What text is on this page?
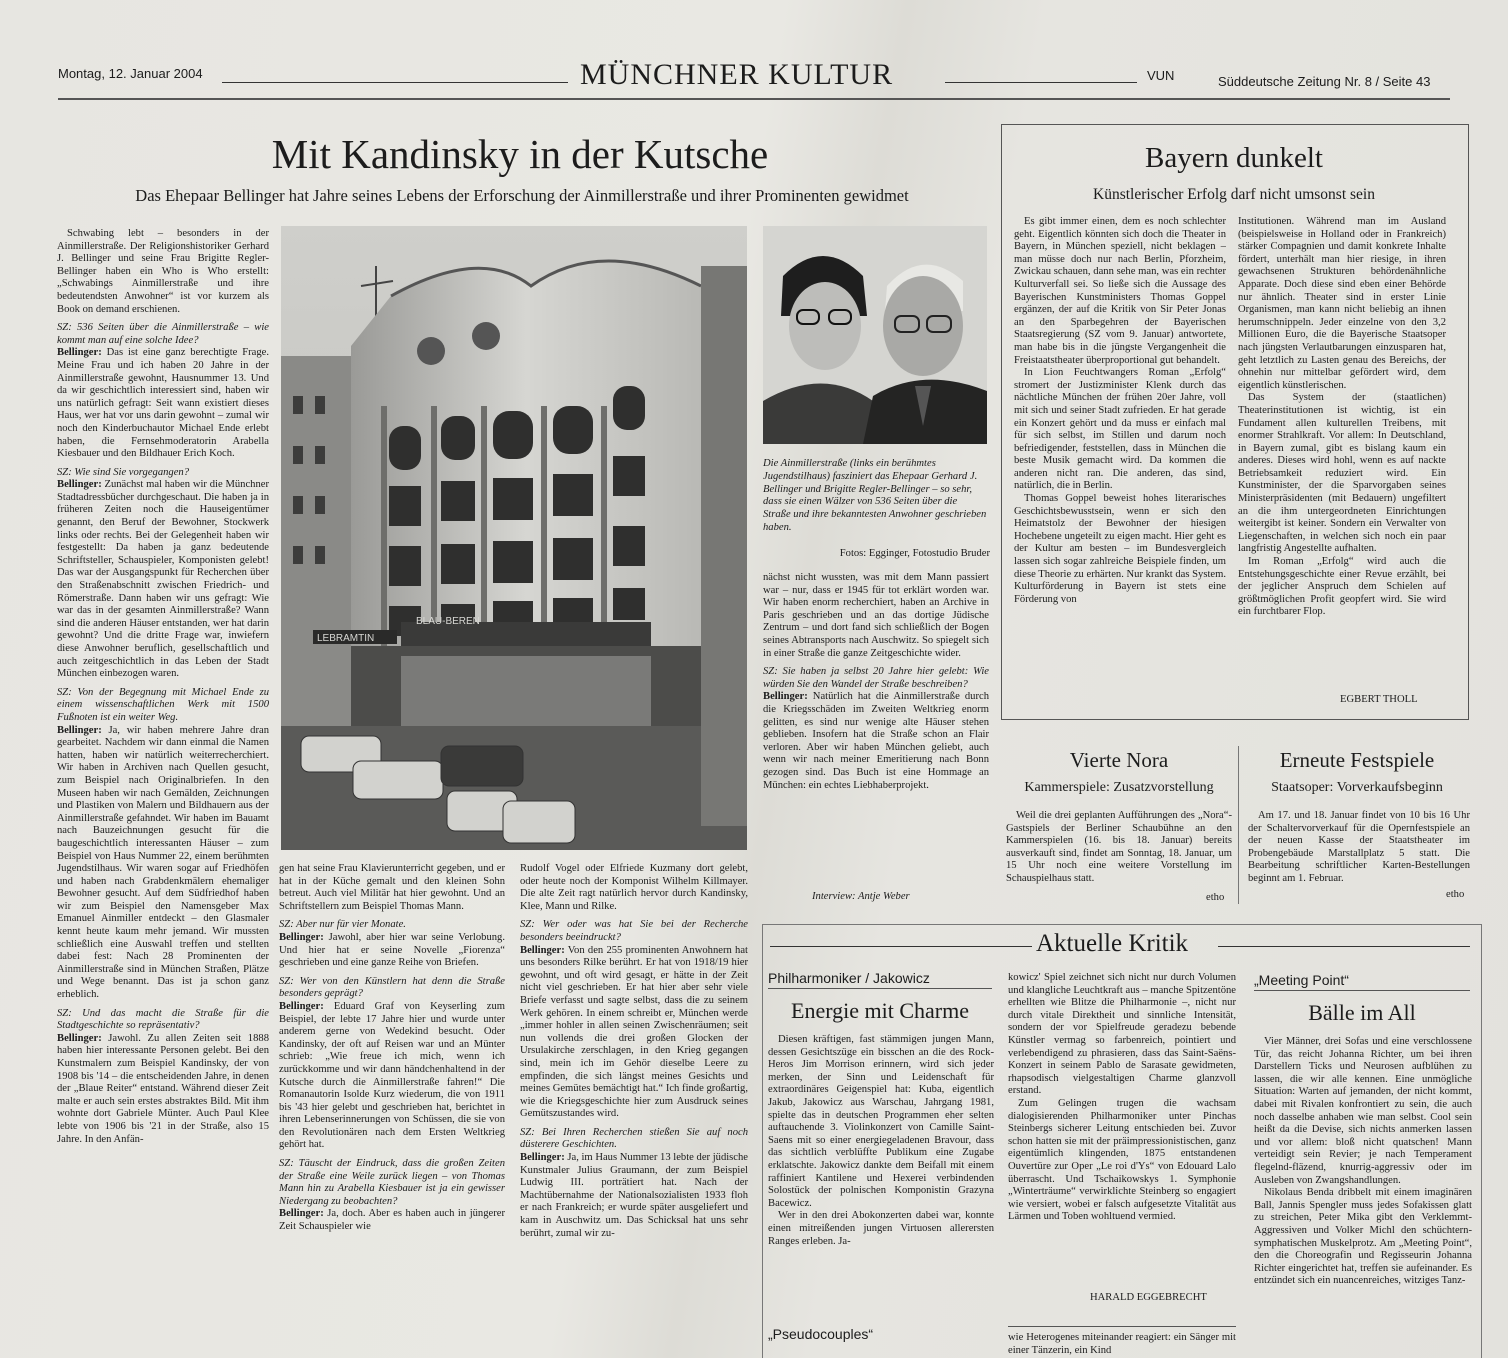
Montag, 12. Januar 2004	MÜNCHNER KULTUR	VUN	Süddeutsche Zeitung Nr. 8 / Seite 43
Mit Kandinsky in der Kutsche
Das Ehepaar Bellinger hat Jahre seines Lebens der Erforschung der Ainmillerstraße und ihrer Prominenten gewidmet

Schwabing lebt – besonders in der Ainmillerstraße. Der Religionshistoriker Gerhard J. Bellinger und seine Frau Brigitte Regler-Bellinger haben ein Who is Who erstellt: „Schwabings Ainmillerstraße und ihre bedeutendsten Anwohner“ ist vor kurzem als Book on demand erschienen.

SZ: 536 Seiten über die Ainmillerstraße – wie kommt man auf eine solche Idee?

Bellinger: Das ist eine ganz berechtigte Frage. Meine Frau und ich haben 20 Jahre in der Ainmillerstraße gewohnt, Hausnummer 13. Und da wir geschichtlich interessiert sind, haben wir uns natürlich gefragt: Seit wann existiert dieses Haus, wer hat vor uns darin gewohnt – zumal wir noch den Kinderbuchautor Michael Ende erlebt haben, die Fernsehmoderatorin Arabella Kiesbauer und den Bildhauer Erich Koch.

SZ: Wie sind Sie vorgegangen?

Bellinger: Zunächst mal haben wir die Münchner Stadtadressbücher durchgeschaut. Die haben ja in früheren Zeiten noch die Hauseigentümer genannt, den Beruf der Bewohner, Stockwerk links oder rechts. Bei der Gelegenheit haben wir festgestellt: Da haben ja ganz bedeutende Schriftsteller, Schauspieler, Komponisten gelebt! Das war der Ausgangspunkt für Recherchen über den Straßenabschnitt zwischen Friedrich- und Römerstraße. Dann haben wir uns gefragt: Wie war das in der gesamten Ainmillerstraße? Wann sind die anderen Häuser entstanden, wer hat darin gewohnt? Und die dritte Frage war, inwiefern diese Anwohner beruflich, gesellschaftlich und auch zeitgeschichtlich in das Leben der Stadt München einbezogen waren.

SZ: Von der Begegnung mit Michael Ende zu einem wissenschaftlichen Werk mit 1500 Fußnoten ist ein weiter Weg.

Bellinger: Ja, wir haben mehrere Jahre dran gearbeitet. Nachdem wir dann einmal die Namen hatten, haben wir natürlich weiterrecherchiert. Wir haben in Archiven nach Quellen gesucht, zum Beispiel nach Originalbriefen. In den Museen haben wir nach Gemälden, Zeichnungen und Plastiken von Malern und Bildhauern aus der Ainmillerstraße gefahndet. Wir haben im Bauamt nach Bauzeichnungen gesucht für die baugeschichtlich interessanten Häuser – zum Beispiel von Haus Nummer 22, einem berühmten Jugendstilhaus. Wir waren sogar auf Friedhöfen und haben nach Grabdenkmälern ehemaliger Bewohner gesucht. Auf dem Südfriedhof haben wir zum Beispiel den Namensgeber Max Emanuel Ainmiller entdeckt – den Glasmaler kennt heute kaum mehr jemand. Wir mussten schließlich eine Auswahl treffen und stellten dabei fest: Nach 28 Prominenten der Ainmillerstraße sind in München Straßen, Plätze und Wege benannt. Das ist ja schon ganz erheblich.

SZ: Und das macht die Straße für die Stadtgeschichte so repräsentativ?

Bellinger: Jawohl. Zu allen Zeiten seit 1888 haben hier interessante Personen gelebt. Bei den Kunstmalern zum Beispiel Kandinsky, der von 1908 bis '14 – die entscheidenden Jahre, in denen der „Blaue Reiter“ entstand. Während dieser Zeit malte er auch sein erstes abstraktes Bild. Mit ihm wohnte dort Gabriele Münter. Auch Paul Klee lebte von 1906 bis '21 in der Straße, also 15 Jahre. In den Anfän-

LEBRAMTIN
BLAU-BEREN
Die Ainmillerstraße (links ein berühmtes Jugendstilhaus) fasziniert das Ehepaar Gerhard J. Bellinger und Brigitte Regler-Bellinger – so sehr, dass sie einen Wälzer von 536 Seiten über die Straße und ihre bekanntesten Anwohner geschrieben haben.
Fotos: Egginger, Fotostudio Bruder

nächst nicht wussten, was mit dem Mann passiert war – nur, dass er 1945 für tot erklärt worden war. Wir haben enorm recherchiert, haben an Archive in Paris geschrieben und an das dortige Jüdische Zentrum – und dort fand sich schließlich der Bogen seines Abtransports nach Auschwitz. So spiegelt sich in einer Straße die ganze Zeitgeschichte wider.

SZ: Sie haben ja selbst 20 Jahre hier gelebt: Wie würden Sie den Wandel der Straße beschreiben?

Bellinger: Natürlich hat die Ainmillerstraße durch die Kriegsschäden im Zweiten Weltkrieg enorm gelitten, es sind nur wenige alte Häuser stehen geblieben. Insofern hat die Straße schon an Flair verloren. Aber wir haben München geliebt, auch wenn wir nach meiner Emeritierung nach Bonn gezogen sind. Das Buch ist eine Hommage an München: ein echtes Liebhaberprojekt.

Interview: Antje Weber

gen hat seine Frau Klavierunterricht gegeben, und er hat in der Küche gemalt und den kleinen Sohn betreut. Auch viel Militär hat hier gewohnt. Und an Schriftstellern zum Beispiel Thomas Mann.

SZ: Aber nur für vier Monate.

Bellinger: Jawohl, aber hier war seine Verlobung. Und hier hat er seine Novelle „Fiorenza“ geschrieben und eine ganze Reihe von Briefen.

SZ: Wer von den Künstlern hat denn die Straße besonders geprägt?

Bellinger: Eduard Graf von Keyserling zum Beispiel, der lebte 17 Jahre hier und wurde unter anderem gerne von Wedekind besucht. Oder Kandinsky, der oft auf Reisen war und an Münter schrieb: „Wie freue ich mich, wenn ich zurückkomme und wir dann händchenhaltend in der Kutsche durch die Ainmillerstraße fahren!“ Die Romanautorin Isolde Kurz wiederum, die von 1911 bis '43 hier gelebt und geschrieben hat, berichtet in ihren Lebenserinnerungen von Schüssen, die sie von den Revolutionären nach dem Ersten Weltkrieg gehört hat.

SZ: Täuscht der Eindruck, dass die großen Zeiten der Straße eine Weile zurück liegen – von Thomas Mann hin zu Arabella Kiesbauer ist ja ein gewisser Niedergang zu beobachten?

Bellinger: Ja, doch. Aber es haben auch in jüngerer Zeit Schauspieler wie

Rudolf Vogel oder Elfriede Kuzmany dort gelebt, oder heute noch der Komponist Wilhelm Killmayer. Die alte Zeit ragt natürlich hervor durch Kandinsky, Klee, Mann und Rilke.

SZ: Wer oder was hat Sie bei der Recherche besonders beeindruckt?

Bellinger: Von den 255 prominenten Anwohnern hat uns besonders Rilke berührt. Er hat von 1918/19 hier gewohnt, und oft wird gesagt, er hätte in der Zeit nicht viel geschrieben. Er hat hier aber sehr viele Briefe verfasst und sagte selbst, dass die zu seinem Werk gehören. In einem schreibt er, München werde „immer hohler in allen seinen Zwischenräumen; seit nun vollends die drei großen Glocken der Ursulakirche zerschlagen, in den Krieg gegangen sind, mein ich im Gehör dieselbe Leere zu empfinden, die sich längst meines Gesichts und meines Gemütes bemächtigt hat.“ Ich finde großartig, wie die Kriegsgeschichte hier zum Ausdruck seines Gemütszustandes wird.

SZ: Bei Ihren Recherchen stießen Sie auf noch düsterere Geschichten.

Bellinger: Ja, im Haus Nummer 13 lebte der jüdische Kunstmaler Julius Graumann, der zum Beispiel Ludwig III. porträtiert hat. Nach der Machtübernahme der Nationalsozialisten 1933 floh er nach Frankreich; er wurde später ausgeliefert und kam in Auschwitz um. Das Schicksal hat uns sehr berührt, zumal wir zu-

Bayern dunkelt
Künstlerischer Erfolg darf nicht umsonst sein

Es gibt immer einen, dem es noch schlechter geht. Eigentlich könnten sich doch die Theater in Bayern, in München speziell, nicht beklagen – man müsse doch nur nach Berlin, Pforzheim, Zwickau schauen, dann sehe man, was ein rechter Kulturverfall sei. So ließe sich die Aussage des Bayerischen Kunstministers Thomas Goppel ergänzen, der auf die Kritik von Sir Peter Jonas an den Sparbegehren der Bayerischen Staatsregierung (SZ vom 9. Januar) antwortete, man habe bis in die jüngste Vergangenheit die Freistaatstheater überproportional gut behandelt.

In Lion Feuchtwangers Roman „Erfolg“ stromert der Justizminister Klenk durch das nächtliche München der frühen 20er Jahre, voll mit sich und seiner Stadt zufrieden. Er hat gerade ein Konzert gehört und da muss er einfach mal für sich selbst, im Stillen und darum noch befriedigender, feststellen, dass in München die beste Musik gemacht wird. Da kommen die anderen nicht ran. Die anderen, das sind, natürlich, die in Berlin.

Thomas Goppel beweist hohes literarisches Geschichtsbewusstsein, wenn er sich den Heimatstolz der Bewohner der hiesigen Hochebene ungeteilt zu eigen macht. Hier geht es der Kultur am besten – im Bundesvergleich lassen sich sogar zahlreiche Beispiele finden, um diese Theorie zu erhärten. Nur krankt das System. Kulturförderung in Bayern ist stets eine Förderung von

Institutionen. Während man im Ausland (beispielsweise in Holland oder in Frankreich) stärker Compagnien und damit konkrete Inhalte fördert, unterhält man hier riesige, in ihren gewachsenen Strukturen behördenähnliche Apparate. Doch diese sind eben einer Behörde nur ähnlich. Theater sind in erster Linie Organismen, man kann nicht beliebig an ihnen herumschnippeln. Jeder einzelne von den 3,2 Millionen Euro, die die Bayerische Staatsoper nach jüngsten Verlautbarungen einzusparen hat, geht letztlich zu Lasten genau des Bereichs, der ohnehin nur mittelbar gefördert wird, dem eigentlich künstlerischen.

Das System der (staatlichen) Theaterinstitutionen ist wichtig, ist ein Fundament allen kulturellen Treibens, mit enormer Strahlkraft. Vor allem: In Deutschland, in Bayern zumal, gibt es bislang kaum ein anderes. Dieses wird hohl, wenn es auf nackte Betriebsamkeit reduziert wird. Ein Kunstminister, der die Sparvorgaben seines Ministerpräsidenten (mit Bedauern) ungefiltert an die ihm untergeordneten Einrichtungen weitergibt ist keiner. Sondern ein Verwalter von Liegenschaften, in welchen sich noch ein paar langfristig Angestellte aufhalten.

Im Roman „Erfolg“ wird auch die Entstehungsgeschichte einer Revue erzählt, bei der jeglicher Anspruch dem Schielen auf größtmöglichen Profit geopfert wird. Sie wird ein furchtbarer Flop.

EGBERT THOLL
Vierte Nora
Kammerspiele: Zusatzvorstellung

Weil die drei geplanten Aufführungen des „Nora“-Gastspiels der Berliner Schaubühne an den Kammerspielen (16. bis 18. Januar) bereits ausverkauft sind, findet am Sonntag, 18. Januar, um 15 Uhr noch eine weitere Vorstellung im Schauspielhaus statt.

etho
Erneute Festspiele
Staatsoper: Vorverkaufsbeginn

Am 17. und 18. Januar findet von 10 bis 16 Uhr der Schaltervorverkauf für die Opernfestspiele an der neuen Kasse der Staatstheater im Probengebäude Marstallplatz 5 statt. Die Bearbeitung schriftlicher Karten-Bestellungen beginnt am 1. Februar.

etho
Aktuelle Kritik
Philharmoniker / Jakowicz
Energie mit Charme

Diesen kräftigen, fast stämmigen jungen Mann, dessen Gesichtszüge ein bisschen an die des Rock-Heros Jim Morrison erinnern, wird sich jeder merken, der Sinn und Leidenschaft für extraordinäres Geigenspiel hat: Kuba, eigentlich Jakub, Jakowicz aus Warschau, Jahrgang 1981, spielte das in deutschen Programmen eher selten auftauchende 3. Violinkonzert von Camille Saint-Saens mit so einer energiegeladenen Bravour, dass das sichtlich verblüffte Publikum eine Zugabe erklatschte. Jakowicz dankte dem Beifall mit einem raffiniert Kantilene und Hexerei verbindenden Solostück der polnischen Komponistin Grazyna Bacewicz.

Wer in den drei Abokonzerten dabei war, konnte einen mitreißenden jungen Virtuosen allerersten Ranges erleben. Ja-

„Pseudocouples“

kowicz' Spiel zeichnet sich nicht nur durch Volumen und klangliche Leuchtkraft aus – manche Spitzentöne erhellten wie Blitze die Philharmonie –, nicht nur durch vitale Direktheit und sinnliche Intensität, sondern der vor Spielfreude geradezu bebende Künstler vermag so farbenreich, pointiert und verlebendigend zu phrasieren, dass das Saint-Saëns-Konzert in seinem Pablo de Sarasate gewidmeten, rhapsodisch vielgestaltigen Charme glanzvoll erstand.

Zum Gelingen trugen die wachsam dialogisierenden Philharmoniker unter Pinchas Steinbergs sicherer Leitung entschieden bei. Zuvor schon hatten sie mit der präimpressionistischen, ganz eigentümlich klingenden, 1875 entstandenen Ouvertüre zur Oper „Le roi d'Ys“ von Edouard Lalo überrascht. Und Tschaikowskys 1. Symphonie „Winterträume“ verwirklichte Steinberg so engagiert wie versiert, wobei er falsch aufgesetzte Vitalität aus Lärmen und Toben wohltuend vermied.

HARALD EGGEBRECHT

wie Heterogenes miteinander reagiert: ein Sänger mit einer Tänzerin, ein Kind

„Meeting Point“
Bälle im All

Vier Männer, drei Sofas und eine verschlossene Tür, das reicht Johanna Richter, um bei ihren Darstellern Ticks und Neurosen aufblühen zu lassen, die wir alle kennen. Eine unmögliche Situation: Warten auf jemanden, der nicht kommt, dabei mit Rivalen konfrontiert zu sein, die auch noch dasselbe anhaben wie man selbst. Cool sein heißt da die Devise, sich nichts anmerken lassen und vor allem: bloß nicht quatschen! Mann verteidigt sein Revier; je nach Temperament flegelnd-fläzend, knurrig-aggressiv oder im Ausleben von Zwangshandlungen.

Nikolaus Benda dribbelt mit einem imaginären Ball, Jannis Spengler muss jedes Sofakissen glatt zu streichen, Peter Mika gibt den Verklemmt-Aggressiven und Volker Michl den schüchtern-symphatischen Muskelprotz. Am „Meeting Point“, den die Choreografin und Regisseurin Johanna Richter eingerichtet hat, treffen sie aufeinander. Es entzündet sich ein nuancenreiches, witziges Tanz-
